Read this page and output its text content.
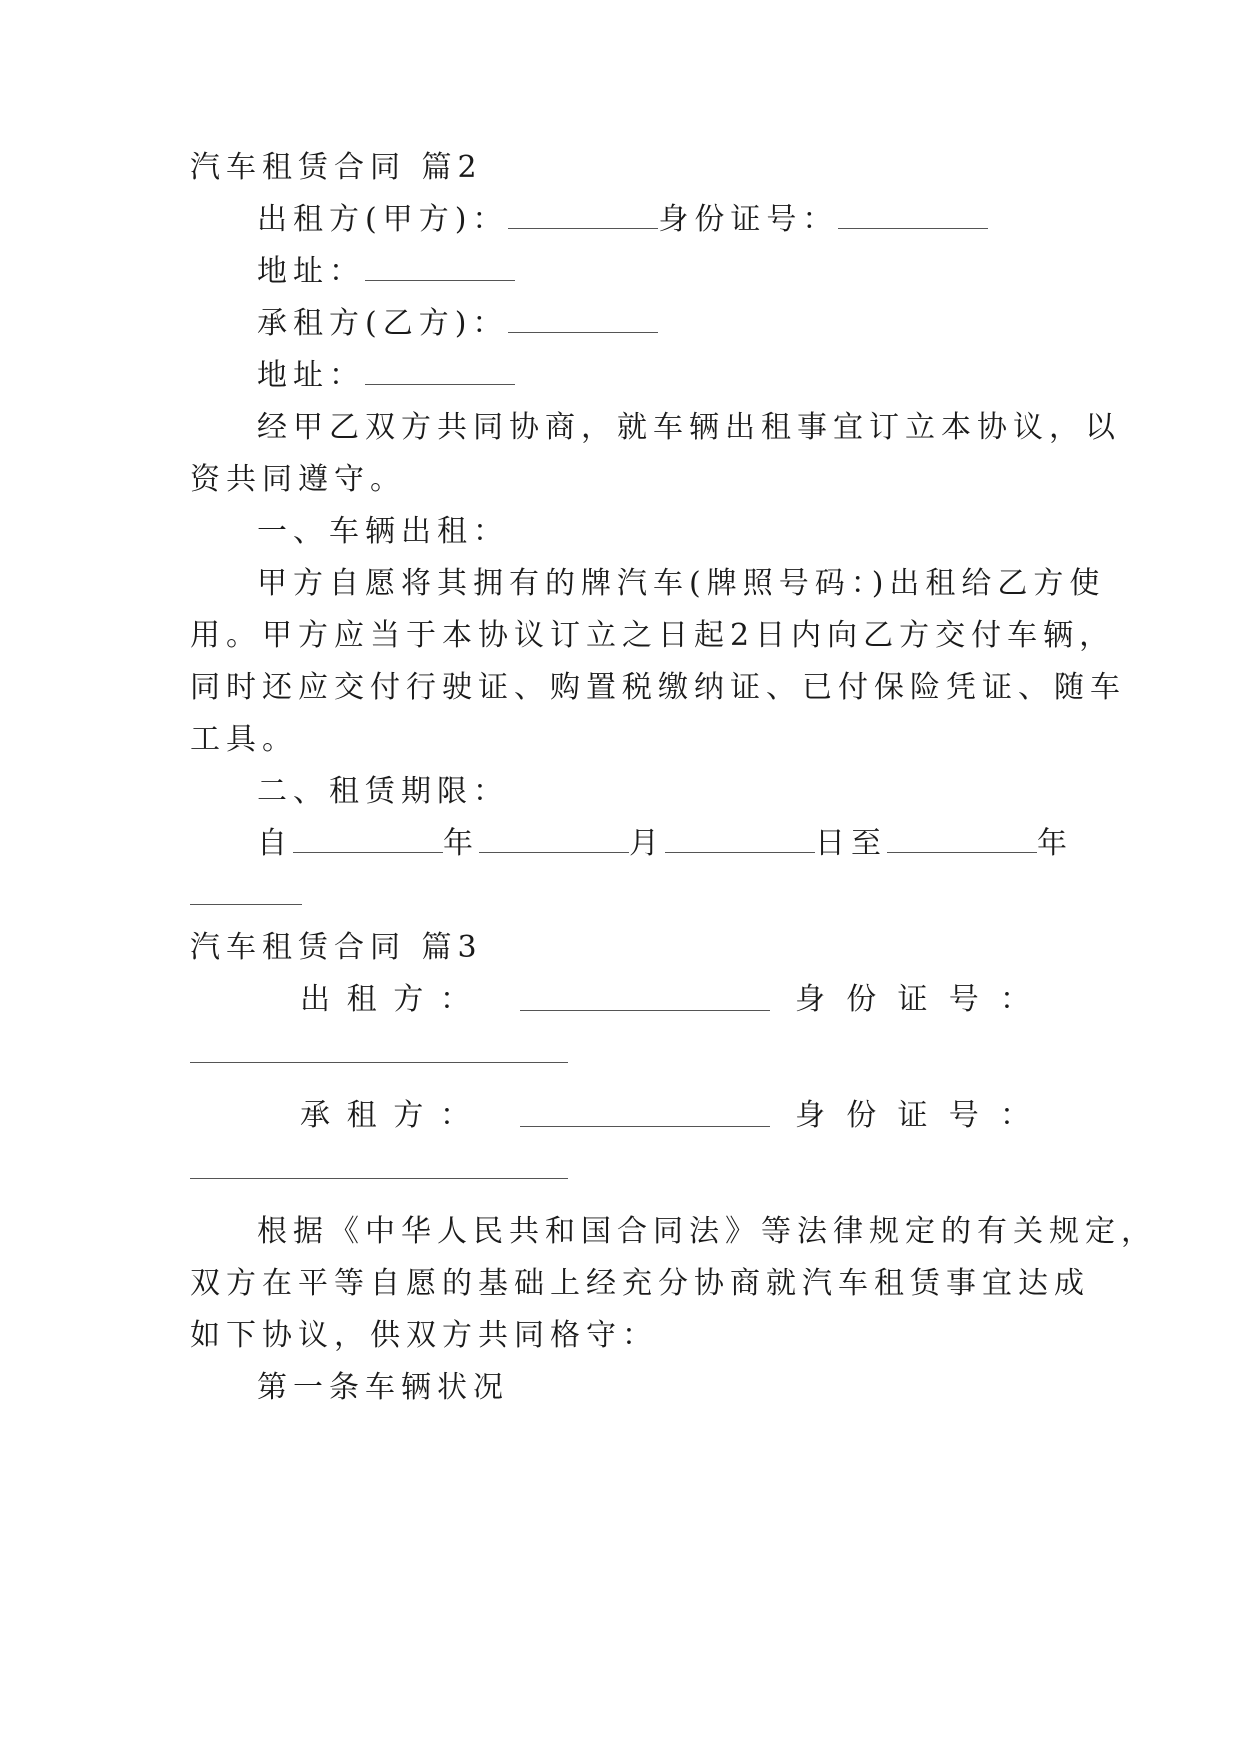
汽车租赁合同 篇2
出租方(甲方)：	身份证号：
地址：
承租方(乙方)：
地址：
经甲乙双方共同协商，就车辆出租事宜订立本协议，以
资共同遵守。
一、车辆出租：
甲方自愿将其拥有的牌汽车(牌照号码：)出租给乙方使
用。甲方应当于本协议订立之日起2日内向乙方交付车辆，
同时还应交付行驶证、购置税缴纳证、已付保险凭证、随车
工具。
二、租赁期限：
自	年	月	日至	年
汽车租赁合同 篇3
出 租 方 ：	身 份 证 号 ：
承 租 方 ：	身 份 证 号 ：
根据《中华人民共和国合同法》等法律规定的有关规定，
双方在平等自愿的基础上经充分协商就汽车租赁事宜达成
如下协议，供双方共同格守：
第一条车辆状况
